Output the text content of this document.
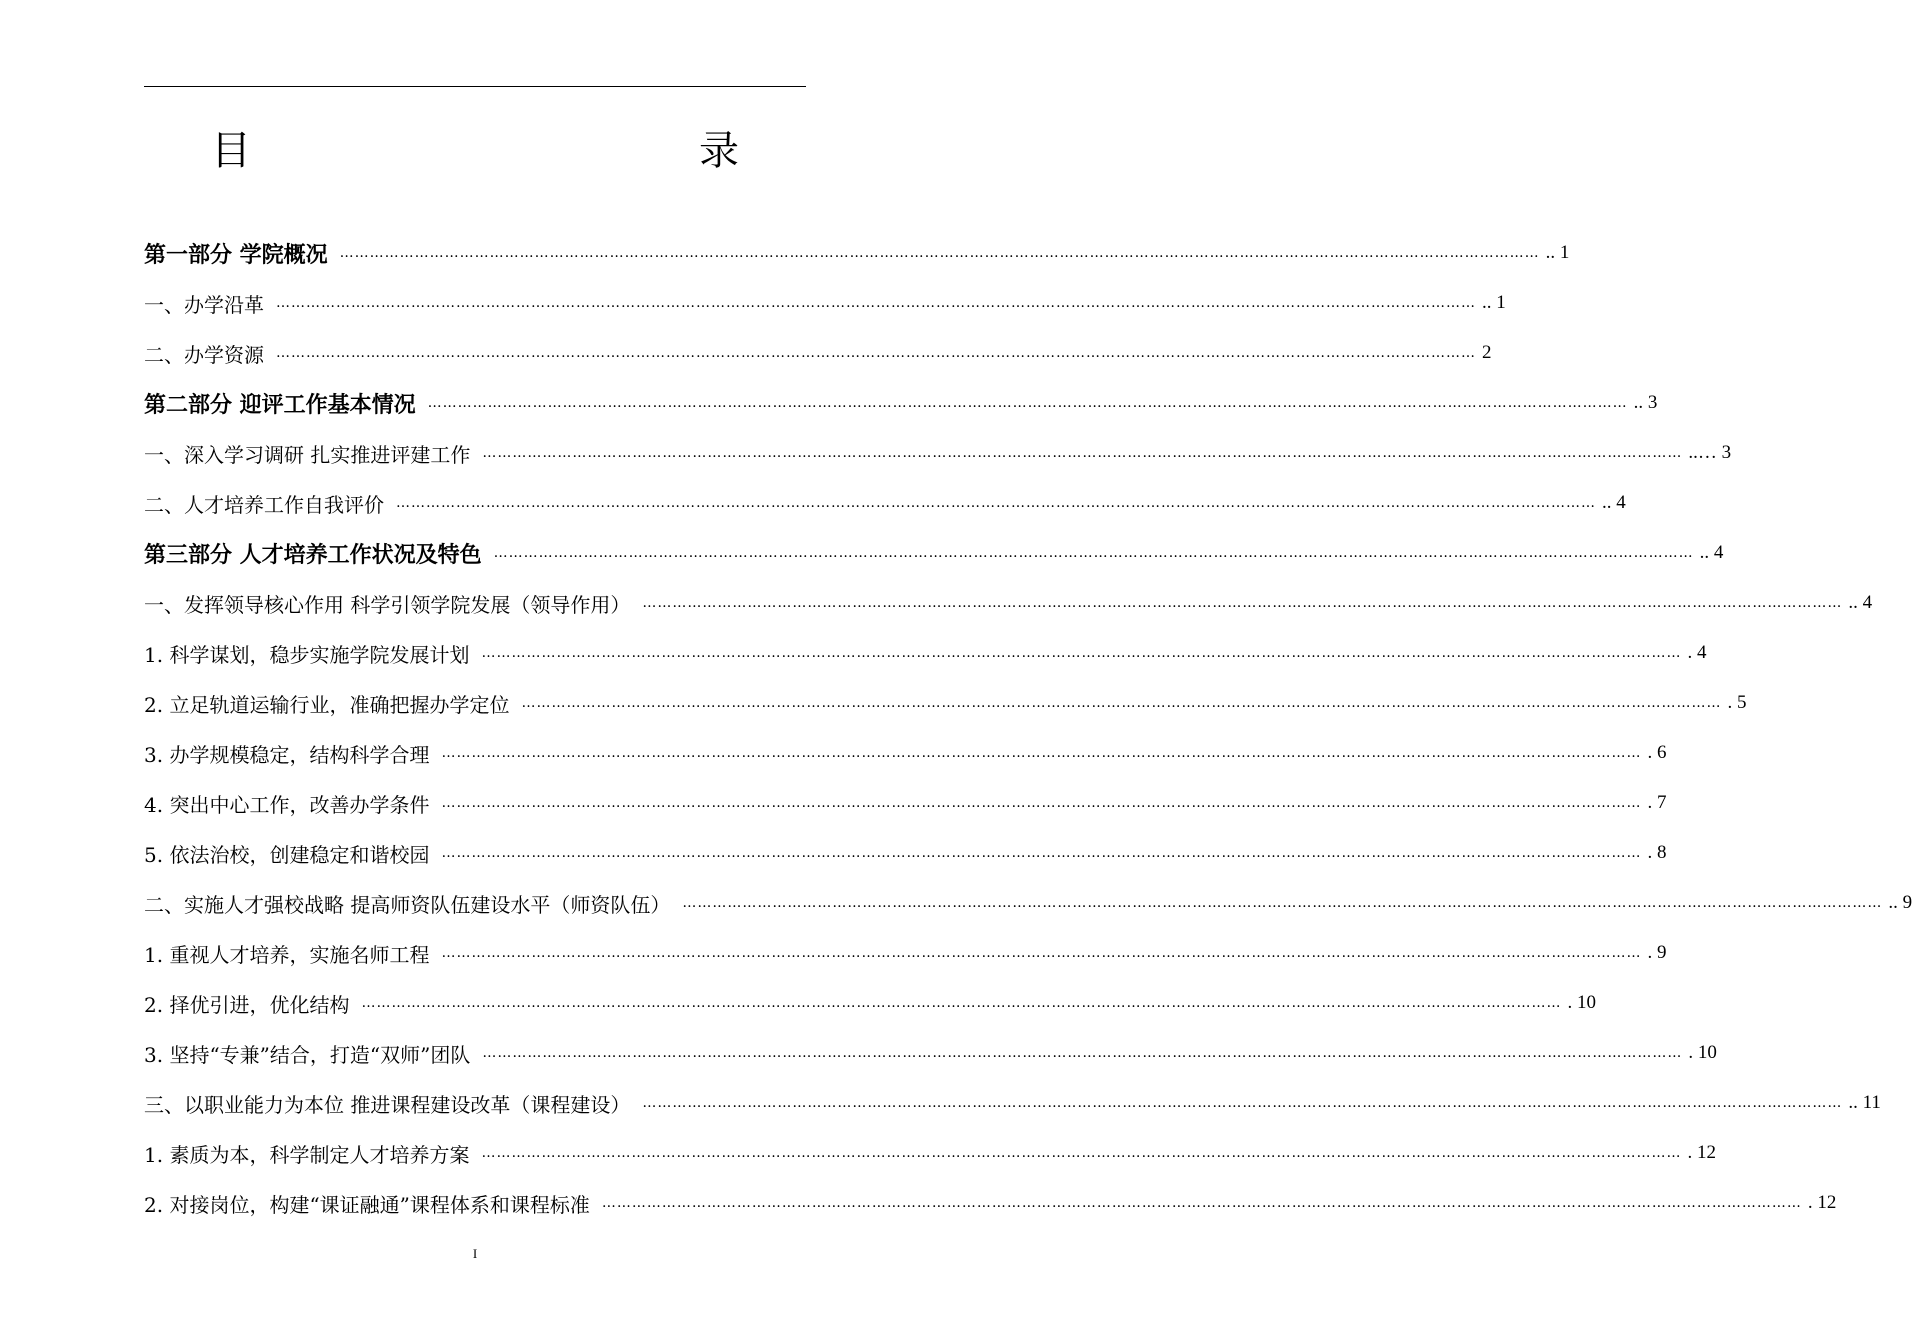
目　　　录
第一部分 学院概况 …………………………………………………………………………………………………………………………………………………………………………………………………………………… .. 1
一、办学沿革 …………………………………………………………………………………………………………………………………………………………………………………………………………………… .. 1
二、办学资源 …………………………………………………………………………………………………………………………………………………………………………………………………………………… 2
第二部分 迎评工作基本情况 …………………………………………………………………………………………………………………………………………………………………………………………………………………… .. 3
一、深入学习调研 扎实推进评建工作 …………………………………………………………………………………………………………………………………………………………………………………………………………………… ..… 3
二、人才培养工作自我评价 …………………………………………………………………………………………………………………………………………………………………………………………………………………… .. 4
第三部分 人才培养工作状况及特色 …………………………………………………………………………………………………………………………………………………………………………………………………………………… .. 4
一、发挥领导核心作用 科学引领学院发展（领导作用） …………………………………………………………………………………………………………………………………………………………………………………………………………………… .. 4
1. 科学谋划，稳步实施学院发展计划 …………………………………………………………………………………………………………………………………………………………………………………………………………………… . 4
2. 立足轨道运输行业，准确把握办学定位 …………………………………………………………………………………………………………………………………………………………………………………………………………………… . 5
3. 办学规模稳定，结构科学合理 …………………………………………………………………………………………………………………………………………………………………………………………………………………… . 6
4. 突出中心工作，改善办学条件 …………………………………………………………………………………………………………………………………………………………………………………………………………………… . 7
5. 依法治校，创建稳定和谐校园 …………………………………………………………………………………………………………………………………………………………………………………………………………………… . 8
二、实施人才强校战略 提高师资队伍建设水平（师资队伍） …………………………………………………………………………………………………………………………………………………………………………………………………………………… .. 9
1. 重视人才培养，实施名师工程 …………………………………………………………………………………………………………………………………………………………………………………………………………………… . 9
2. 择优引进，优化结构 …………………………………………………………………………………………………………………………………………………………………………………………………………………… . 10
3. 坚持“专兼”结合，打造“双师”团队 …………………………………………………………………………………………………………………………………………………………………………………………………………………… . 10
三、以职业能力为本位 推进课程建设改革（课程建设） …………………………………………………………………………………………………………………………………………………………………………………………………………………… .. 11
1. 素质为本，科学制定人才培养方案 …………………………………………………………………………………………………………………………………………………………………………………………………………………… . 12
2. 对接岗位，构建“课证融通”课程体系和课程标准 …………………………………………………………………………………………………………………………………………………………………………………………………………………… . 12
I
